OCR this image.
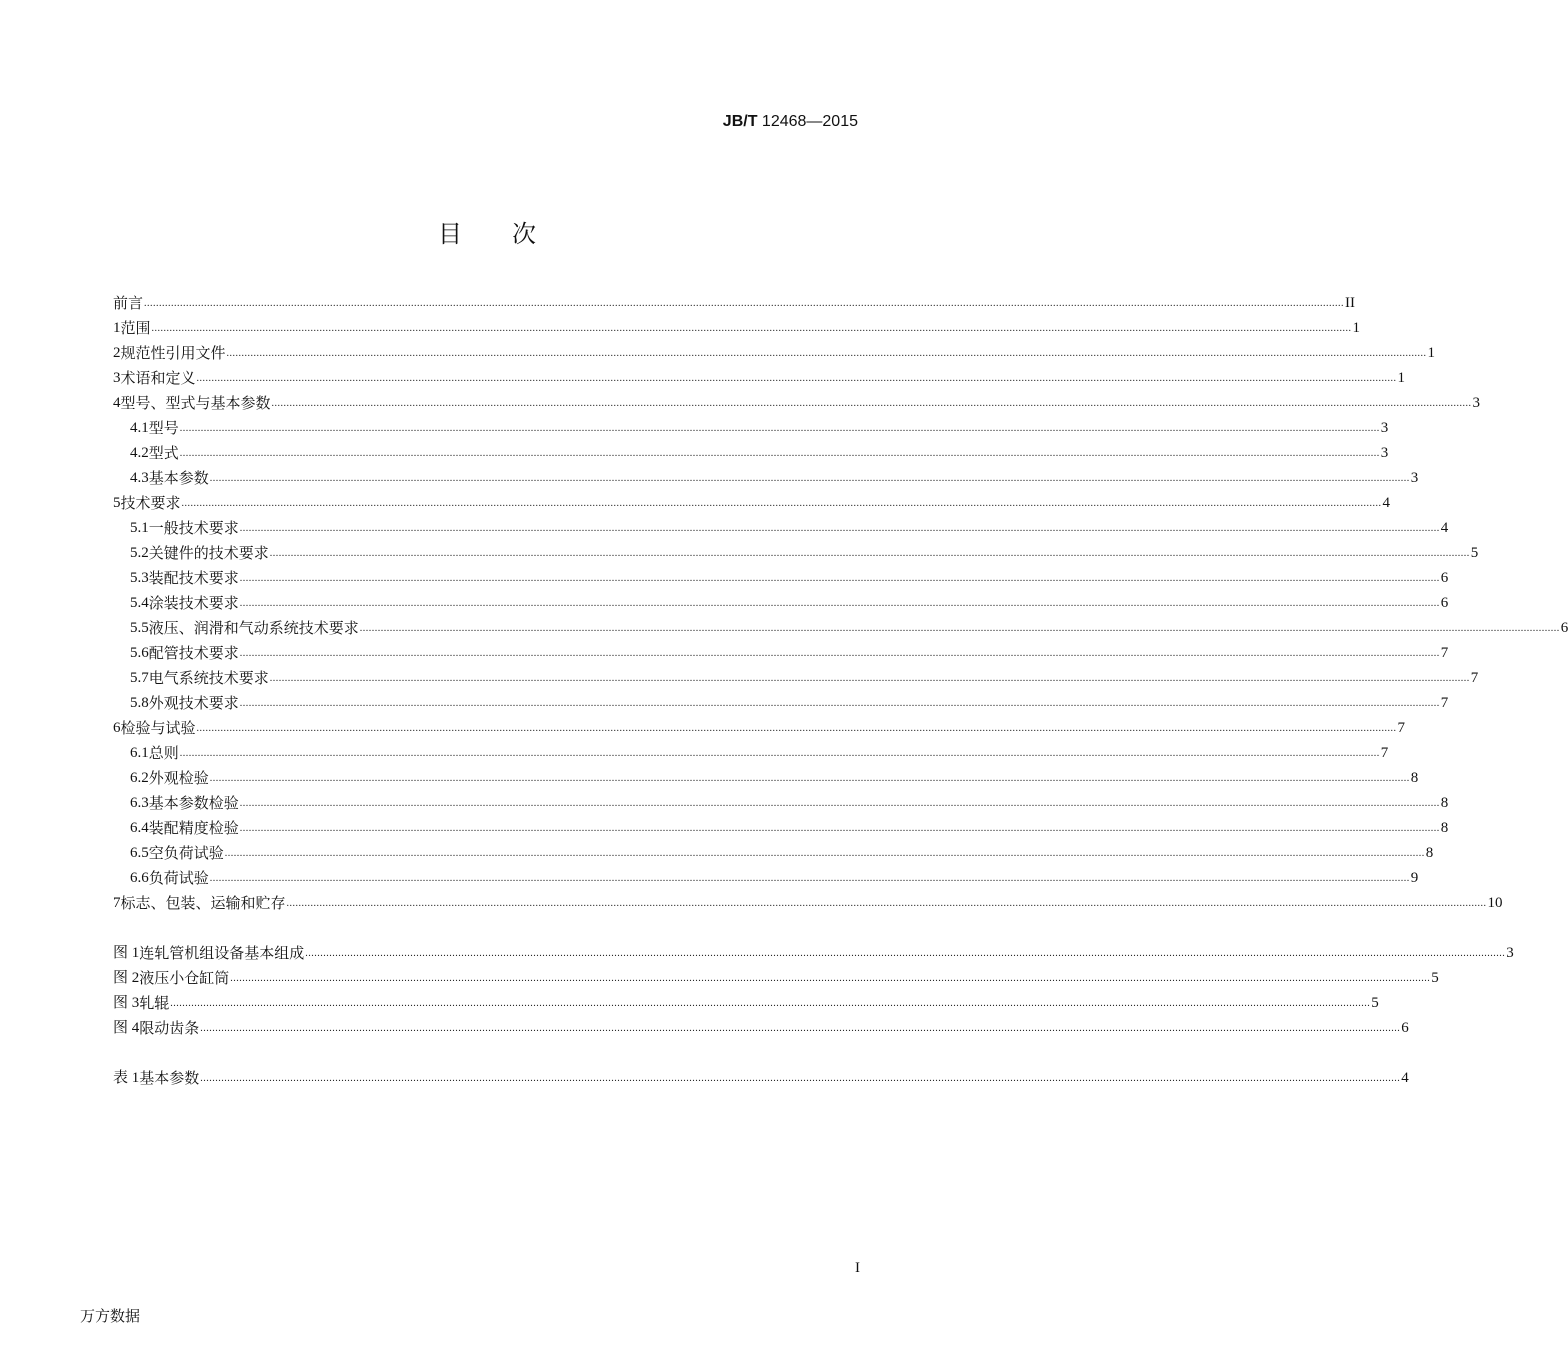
JB/T 12468—2015
目 次
前言 ................................................................................................................................................................................................................................................................................................................................................................................................................ II
1 范围 ................................................................................................................................................................................................................................................................................................................................................................................................................ 1
2 规范性引用文件 ................................................................................................................................................................................................................................................................................................................................................................................................................ 1
3 术语和定义 ................................................................................................................................................................................................................................................................................................................................................................................................................ 1
4 型号、型式与基本参数 ................................................................................................................................................................................................................................................................................................................................................................................................................ 3
4.1 型号 ................................................................................................................................................................................................................................................................................................................................................................................................................ 3
4.2 型式 ................................................................................................................................................................................................................................................................................................................................................................................................................ 3
4.3 基本参数 ................................................................................................................................................................................................................................................................................................................................................................................................................ 3
5 技术要求 ................................................................................................................................................................................................................................................................................................................................................................................................................ 4
5.1 一般技术要求 ................................................................................................................................................................................................................................................................................................................................................................................................................ 4
5.2 关键件的技术要求 ................................................................................................................................................................................................................................................................................................................................................................................................................ 5
5.3 装配技术要求 ................................................................................................................................................................................................................................................................................................................................................................................................................ 6
5.4 涂装技术要求 ................................................................................................................................................................................................................................................................................................................................................................................................................ 6
5.5 液压、润滑和气动系统技术要求 ................................................................................................................................................................................................................................................................................................................................................................................................................ 6
5.6 配管技术要求 ................................................................................................................................................................................................................................................................................................................................................................................................................ 7
5.7 电气系统技术要求 ................................................................................................................................................................................................................................................................................................................................................................................................................ 7
5.8 外观技术要求 ................................................................................................................................................................................................................................................................................................................................................................................................................ 7
6 检验与试验 ................................................................................................................................................................................................................................................................................................................................................................................................................ 7
6.1 总则 ................................................................................................................................................................................................................................................................................................................................................................................................................ 7
6.2 外观检验 ................................................................................................................................................................................................................................................................................................................................................................................................................ 8
6.3 基本参数检验 ................................................................................................................................................................................................................................................................................................................................................................................................................ 8
6.4 装配精度检验 ................................................................................................................................................................................................................................................................................................................................................................................................................ 8
6.5 空负荷试验 ................................................................................................................................................................................................................................................................................................................................................................................................................ 8
6.6 负荷试验 ................................................................................................................................................................................................................................................................................................................................................................................................................ 9
7 标志、包装、运输和贮存 ................................................................................................................................................................................................................................................................................................................................................................................................................ 10
图 1 连轧管机组设备基本组成 ................................................................................................................................................................................................................................................................................................................................................................................................................ 3
图 2 液压小仓缸筒 ................................................................................................................................................................................................................................................................................................................................................................................................................ 5
图 3 轧辊 ................................................................................................................................................................................................................................................................................................................................................................................................................ 5
图 4 限动齿条 ................................................................................................................................................................................................................................................................................................................................................................................................................ 6
表 1 基本参数 ................................................................................................................................................................................................................................................................................................................................................................................................................ 4
I
万方数据
